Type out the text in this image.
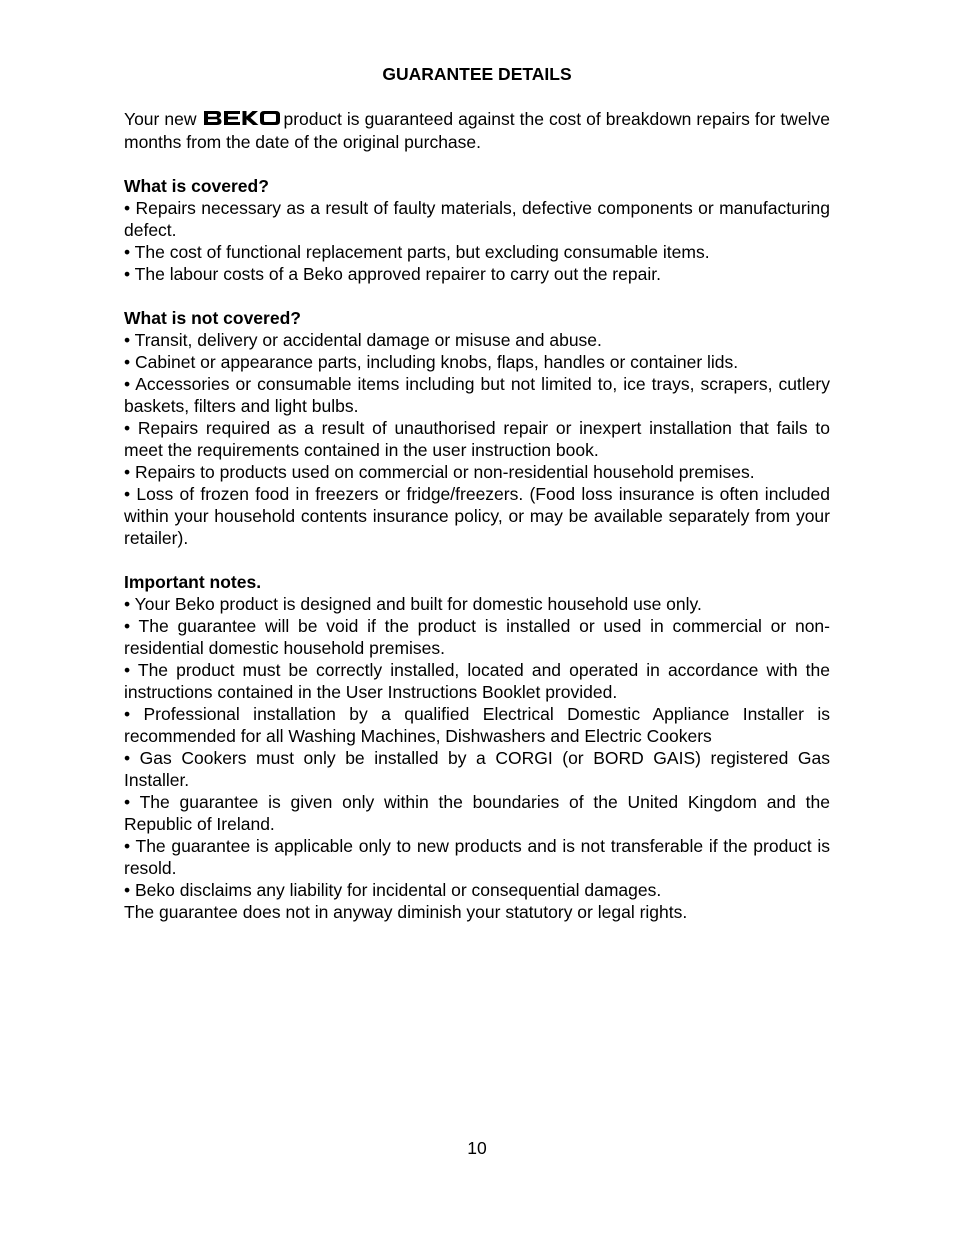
GUARANTEE DETAILS

Your new	product is guaranteed against the cost of breakdown repairs for twelve months from the date of the original purchase.

What is covered?

• Repairs necessary as a result of faulty materials, defective components or manufacturing defect.

• The cost of functional replacement parts, but excluding consumable items.

• The labour costs of a Beko approved repairer to carry out the repair.

What is not covered?

• Transit, delivery or accidental damage or misuse and abuse.

• Cabinet or appearance parts, including knobs, flaps, handles or container lids.

• Accessories or consumable items including but not limited to, ice trays, scrapers, cutlery baskets, filters and light bulbs.

• Repairs required as a result of unauthorised repair or inexpert installation that fails to meet the requirements contained in the user instruction book.

• Repairs to products used on commercial or non-residential household premises.

• Loss of frozen food in freezers or fridge/freezers. (Food loss insurance is often included within your household contents insurance policy, or may be available separately from your retailer).

Important notes.

• Your Beko product is designed and built for domestic household use only.

• The guarantee will be void if the product is installed or used in commercial or non-residential domestic household premises.

• The product must be correctly installed, located and operated in accordance with the instructions contained in the User Instructions Booklet provided.

• Professional installation by a qualified Electrical Domestic Appliance Installer is recommended for all Washing Machines, Dishwashers and Electric Cookers

• Gas Cookers must only be installed by a CORGI (or BORD GAIS) registered Gas Installer.

• The guarantee is given only within the boundaries of the United Kingdom and the Republic of Ireland.

• The guarantee is applicable only to new products and is not transferable if the product is resold.

• Beko disclaims any liability for incidental or consequential damages.

The guarantee does not in anyway diminish your statutory or legal rights.

10
